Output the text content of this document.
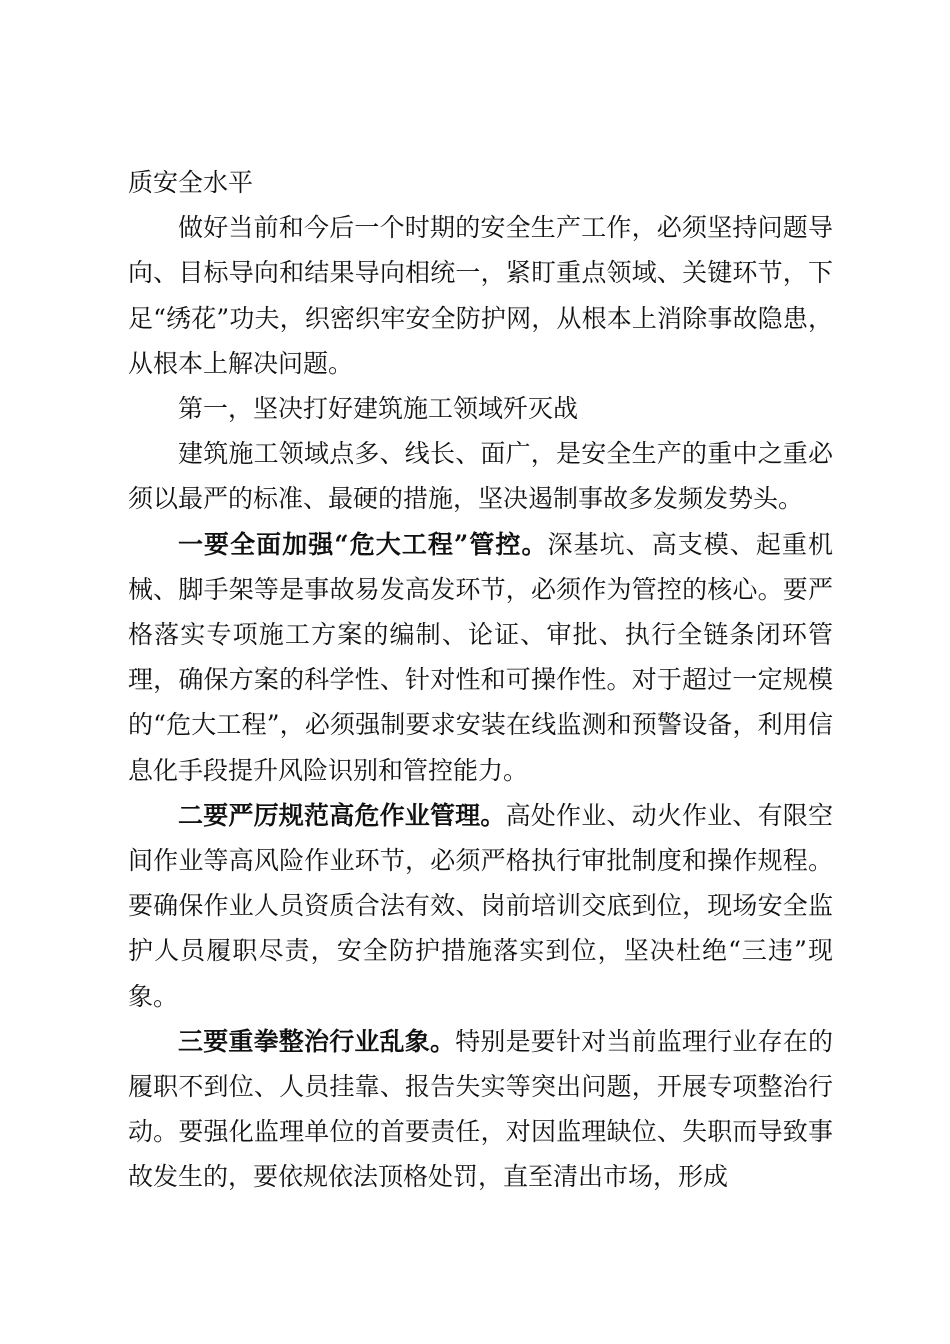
质安全水平

做好当前和今后一个时期的安全生产工作，必须坚持问题导向、目标导向和结果导向相统一，紧盯重点领域、关键环节，下足“绣花”功夫，织密织牢安全防护网，从根本上消除事故隐患，从根本上解决问题。

第一，坚决打好建筑施工领域歼灭战

建筑施工领域点多、线长、面广，是安全生产的重中之重必须以最严的标准、最硬的措施，坚决遏制事故多发频发势头。

一要全面加强“危大工程”管控。深基坑、高支模、起重机械、脚手架等是事故易发高发环节，必须作为管控的核心。要严格落实专项施工方案的编制、论证、审批、执行全链条闭环管理，确保方案的科学性、针对性和可操作性。对于超过一定规模的“危大工程”，必须强制要求安装在线监测和预警设备，利用信息化手段提升风险识别和管控能力。

二要严厉规范高危作业管理。高处作业、动火作业、有限空间作业等高风险作业环节，必须严格执行审批制度和操作规程。要确保作业人员资质合法有效、岗前培训交底到位，现场安全监护人员履职尽责，安全防护措施落实到位，坚决杜绝“三违”现象。

三要重拳整治行业乱象。特别是要针对当前监理行业存在的履职不到位、人员挂靠、报告失实等突出问题，开展专项整治行动。要强化监理单位的首要责任，对因监理缺位、失职而导致事故发生的，要依规依法顶格处罚，直至清出市场，形成
